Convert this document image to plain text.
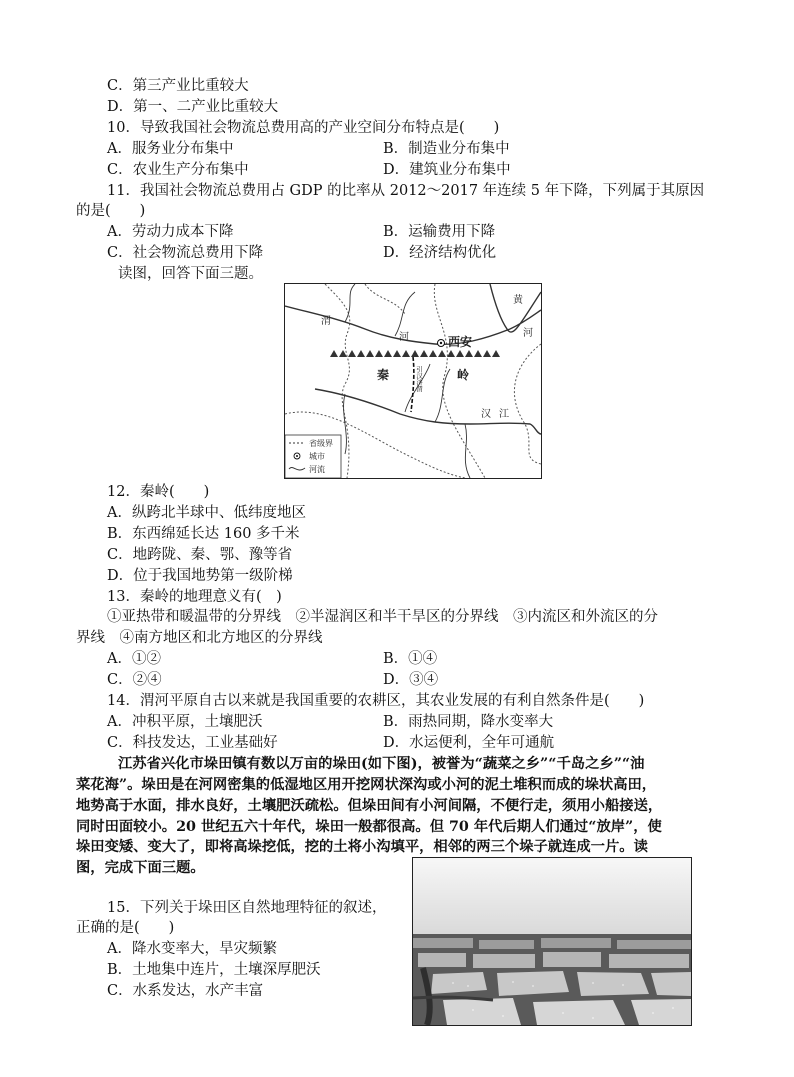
C．第三产业比重较大
D．第一、二产业比重较大
10．导致我国社会物流总费用高的产业空间分布特点是(　　)
A．服务业分布集中	B．制造业分布集中
C．农业生产分布集中	D．建筑业分布集中
11．我国社会物流总费用占 GDP 的比率从 2012～2017 年连续 5 年下降，下列属于其原因
的是(　　)
A．劳动力成本下降	B．运输费用下降
C．社会物流总费用下降	D．经济结构优化
读图，回答下面三题。
渭
河
黄
河
西安
秦	岭
汉 江
引汉济渭
省级界
城市
河流
12．秦岭(　　)
A．纵跨北半球中、低纬度地区
B．东西绵延长达 160 多千米
C．地跨陇、秦、鄂、豫等省
D．位于我国地势第一级阶梯
13．秦岭的地理意义有(　)
①亚热带和暖温带的分界线　②半湿润区和半干旱区的分界线　③内流区和外流区的分
界线　④南方地区和北方地区的分界线
A．①②	B．①④
C．②④	D．③④
14．渭河平原自古以来就是我国重要的农耕区，其农业发展的有利自然条件是(　　)
A．冲积平原，土壤肥沃	B．雨热同期，降水变率大
C．科技发达，工业基础好	D．水运便利，全年可通航
江苏省兴化市垛田镇有数以万亩的垛田(如下图)，被誉为“蔬菜之乡”“千岛之乡”“油
菜花海”。垛田是在河网密集的低湿地区用开挖网状深沟或小河的泥土堆积而成的垛状高田，
地势高于水面，排水良好，土壤肥沃疏松。但垛田间有小河间隔，不便行走，须用小船接送，
同时田面较小。20 世纪五六十年代，垛田一般都很高。但 70 年代后期人们通过“放岸”，使
垛田变矮、变大了，即将高垛挖低，挖的土将小沟填平，相邻的两三个垛子就连成一片。读
图，完成下面三题。
15．下列关于垛田区自然地理特征的叙述，
正确的是(　　)
A．降水变率大，旱灾频繁
B．土地集中连片，土壤深厚肥沃
C．水系发达，水产丰富
